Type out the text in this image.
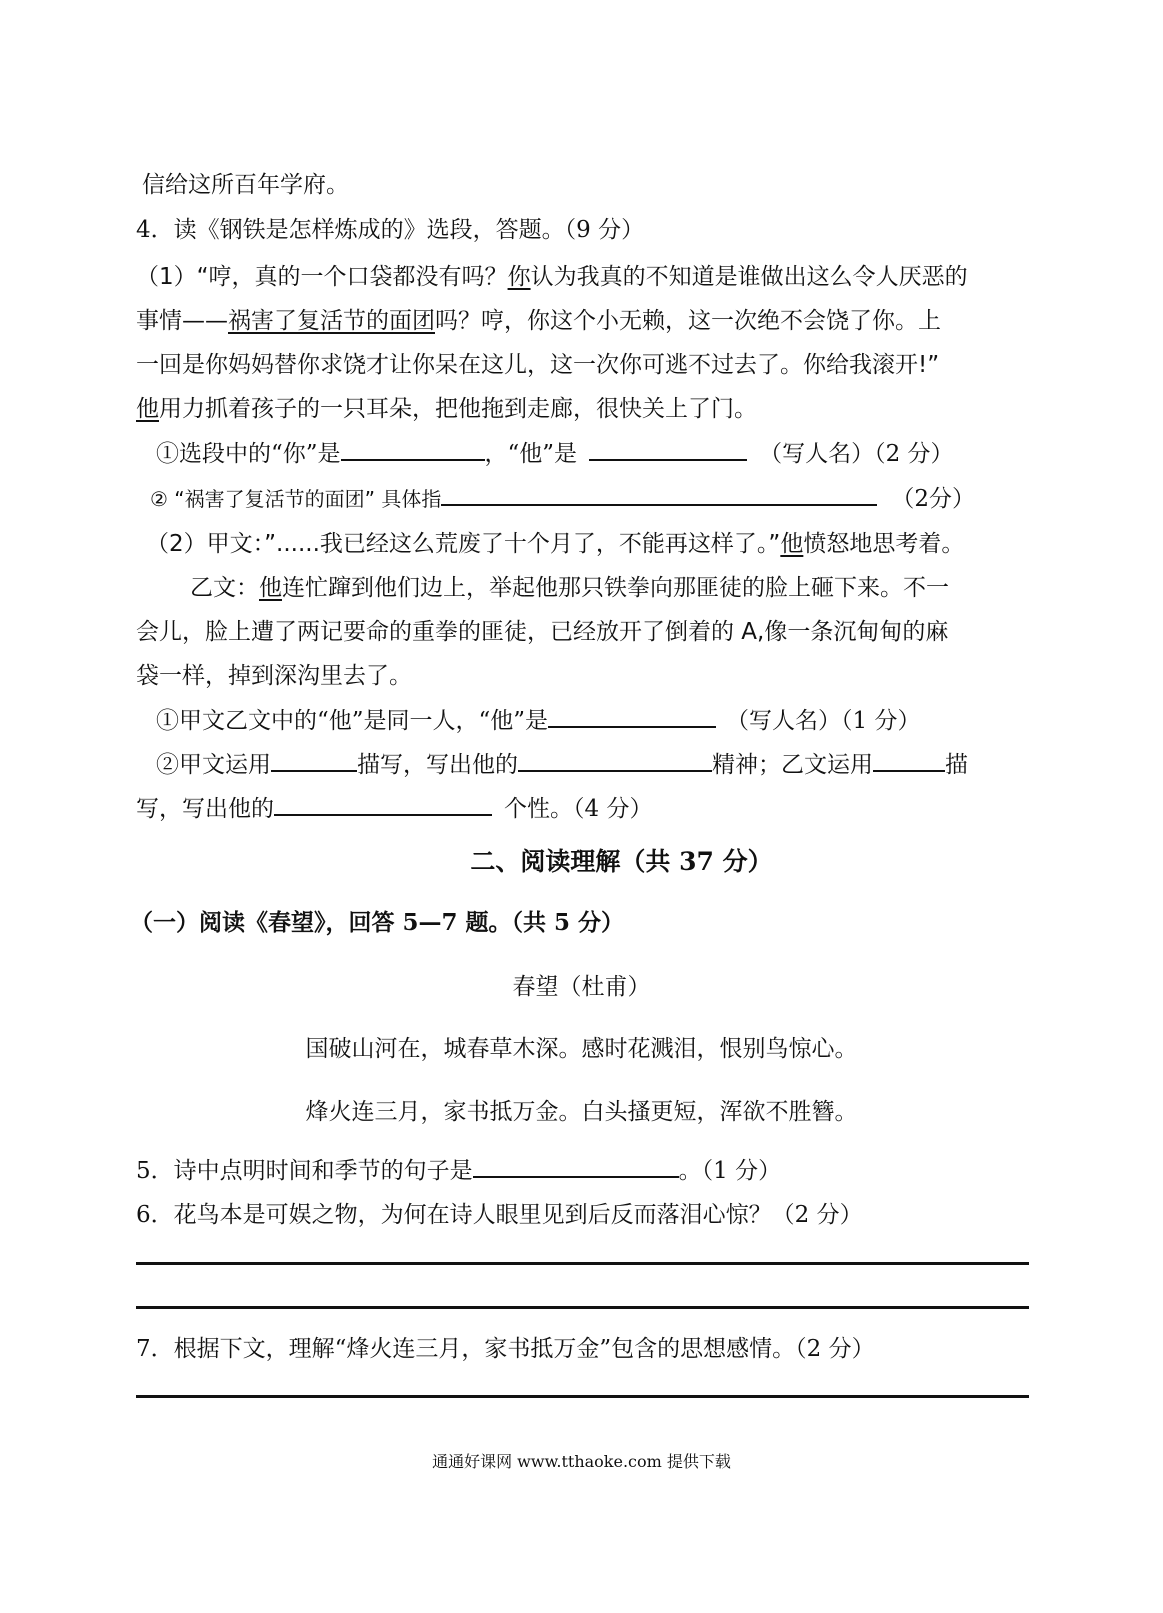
信给这所百年学府。
4．读《钢铁是怎样炼成的》选段，答题。（9 分）
（1）“哼，真的一个口袋都没有吗？你认为我真的不知道是谁做出这么令人厌恶的
事情——祸害了复活节的面团吗？哼，你这个小无赖，这一次绝不会饶了你。上
一回是你妈妈替你求饶才让你呆在这儿，这一次你可逃不过去了。你给我滚开!”
他用力抓着孩子的一只耳朵，把他拖到走廊，很快关上了门。
①选段中的“你”是	，“他”是	（写人名）（2 分）
② “祸害了复活节的面团” 具体指	（2分）
（2）甲文：”......我已经这么荒废了十个月了，不能再这样了。”他愤怒地思考着。
乙文：他连忙蹿到他们边上，举起他那只铁拳向那匪徒的脸上砸下来。不一
会儿，脸上遭了两记要命的重拳的匪徒，已经放开了倒着的 A,像一条沉甸甸的麻
袋一样，掉到深沟里去了。
①甲文乙文中的“他”是同一人，“他”是	（写人名）（1 分）
②甲文运用	描写，写出他的	精神；乙文运用	描
写，写出他的	个性。（4 分）
二、阅读理解（共 37 分）
（一）阅读《春望》，回答 5—7 题。（共 5 分）
春望（杜甫）
国破山河在，城春草木深。感时花溅泪，恨别鸟惊心。
烽火连三月，家书抵万金。白头搔更短，浑欲不胜簪。
5．诗中点明时间和季节的句子是	。（1 分）
6．花鸟本是可娱之物，为何在诗人眼里见到后反而落泪心惊？（2 分）
7．根据下文，理解“烽火连三月，家书抵万金”包含的思想感情。（2 分）
通通好课网 www.tthaoke.com 提供下载
